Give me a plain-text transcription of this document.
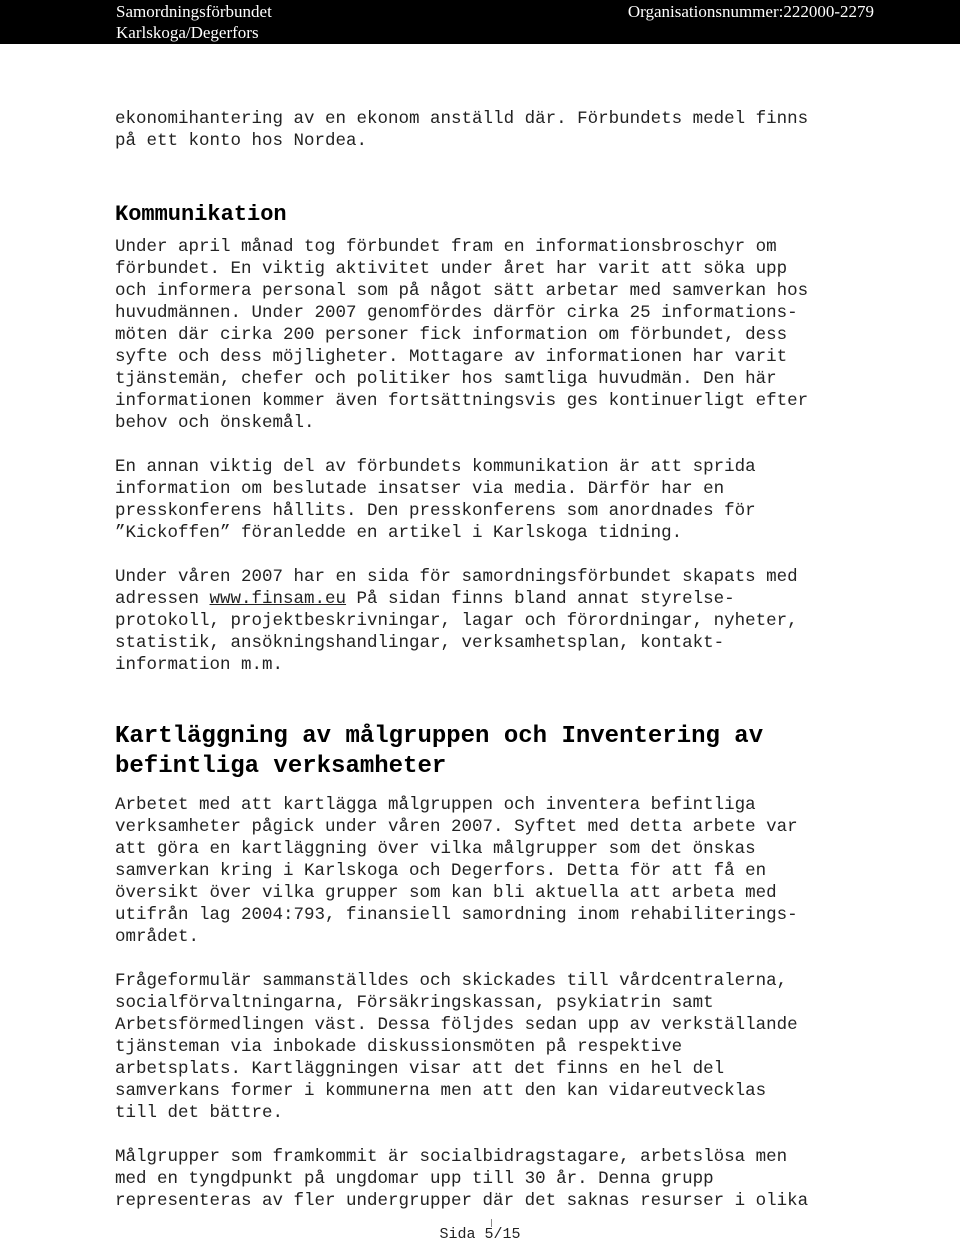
Samordningsförbundet
Karlskoga/Degerfors
Organisationsnummer:222000-2279
ekonomihantering av en ekonom anställd där. Förbundets medel finns
på ett konto hos Nordea.
Kommunikation
Under april månad tog förbundet fram en informationsbroschyr om
förbundet. En viktig aktivitet under året har varit att söka upp
och informera personal som på något sätt arbetar med samverkan hos
huvudmännen. Under 2007 genomfördes därför cirka 25 informations-
möten där cirka 200 personer fick information om förbundet, dess
syfte och dess möjligheter. Mottagare av informationen har varit
tjänstemän, chefer och politiker hos samtliga huvudmän. Den här
informationen kommer även fortsättningsvis ges kontinuerligt efter
behov och önskemål.
En annan viktig del av förbundets kommunikation är att sprida
information om beslutade insatser via media. Därför har en
presskonferens hållits. Den presskonferens som anordnades för
”Kickoffen” föranledde en artikel i Karlskoga tidning.
Under våren 2007 har en sida för samordningsförbundet skapats med
adressen www.finsam.eu På sidan finns bland annat styrelse-
protokoll, projektbeskrivningar, lagar och förordningar, nyheter,
statistik, ansökningshandlingar, verksamhetsplan, kontakt-
information m.m.
Kartläggning av målgruppen och Inventering av
befintliga verksamheter
Arbetet med att kartlägga målgruppen och inventera befintliga
verksamheter pågick under våren 2007. Syftet med detta arbete var
att göra en kartläggning över vilka målgrupper som det önskas
samverkan kring i Karlskoga och Degerfors. Detta för att få en
översikt över vilka grupper som kan bli aktuella att arbeta med
utifrån lag 2004:793, finansiell samordning inom rehabiliterings-
området.
Frågeformulär sammanställdes och skickades till vårdcentralerna,
socialförvaltningarna, Försäkringskassan, psykiatrin samt
Arbetsförmedlingen väst. Dessa följdes sedan upp av verkställande
tjänsteman via inbokade diskussionsmöten på respektive
arbetsplats. Kartläggningen visar att det finns en hel del
samverkans former i kommunerna men att den kan vidareutvecklas
till det bättre.
Målgrupper som framkommit är socialbidragstagare, arbetslösa men
med en tyngdpunkt på ungdomar upp till 30 år. Denna grupp
representeras av fler undergrupper där det saknas resurser i olika
Sida 5/15
